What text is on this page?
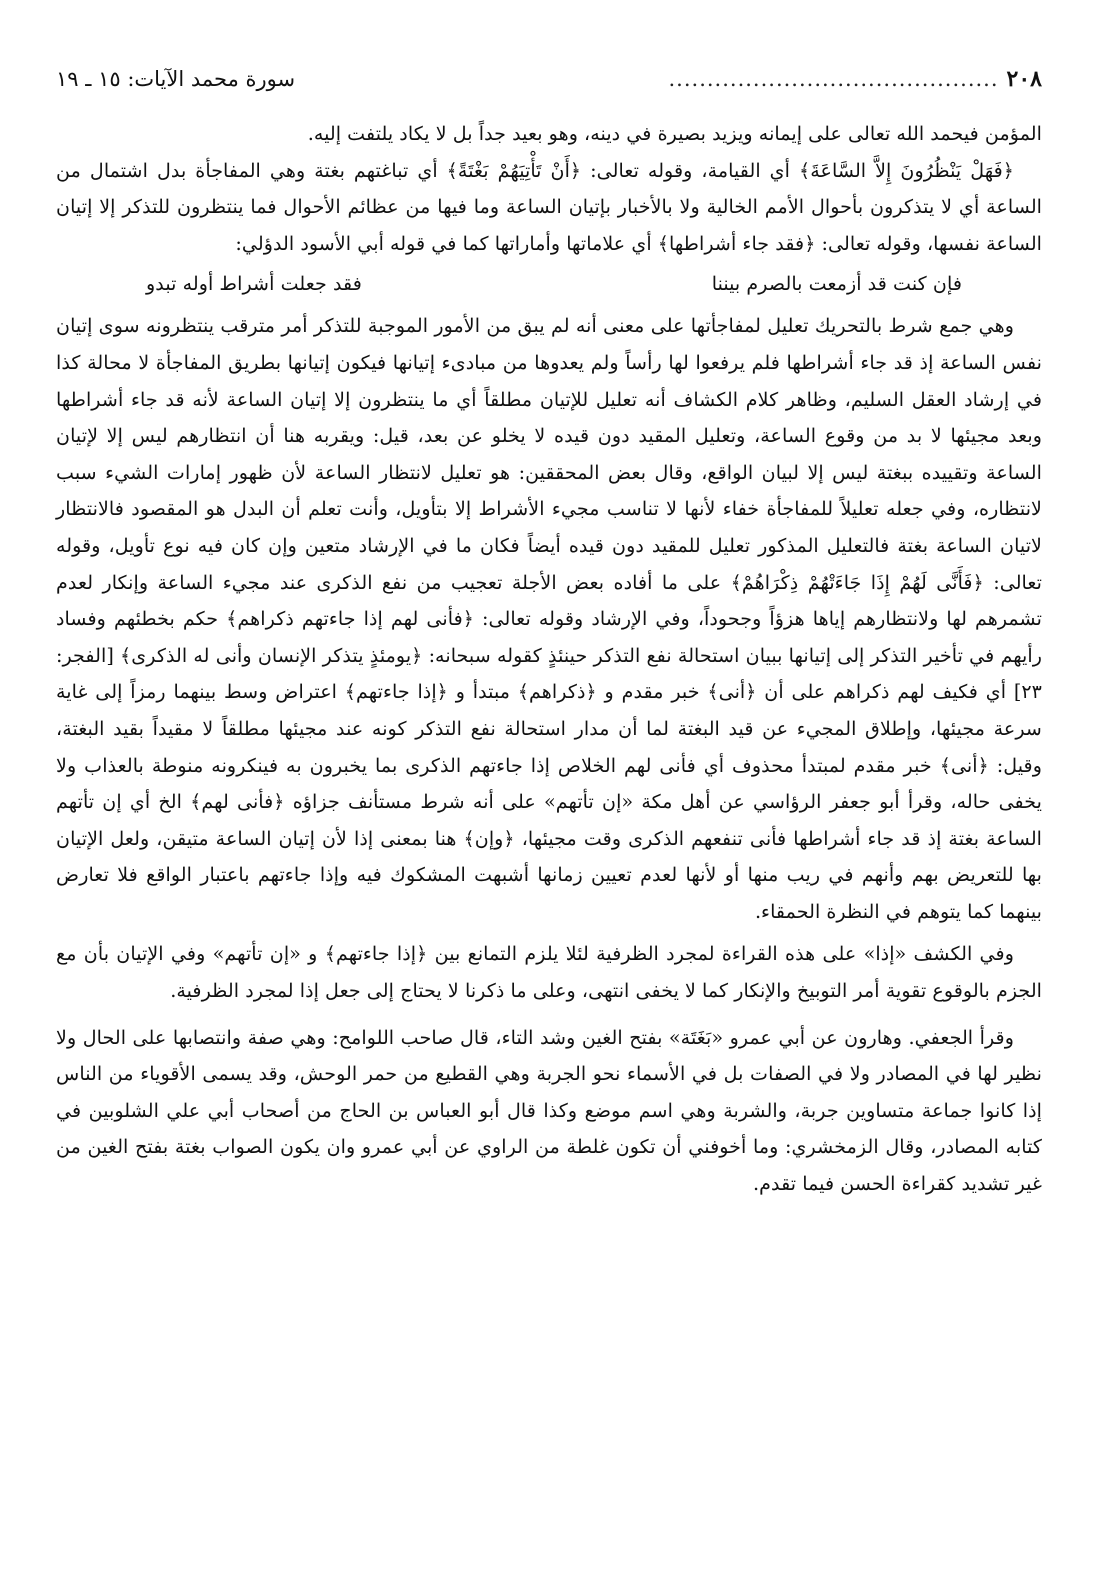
٢٠٨
...........................................
سورة محمد الآيات: ١٥ ـ ١٩

المؤمن فيحمد الله تعالى على إيمانه ويزيد بصيرة في دينه، وهو بعيد جداً بل لا يكاد يلتفت إليه.

﴿فَهَلْ يَنْظُرُونَ إِلاَّ السَّاعَةَ﴾ أي القيامة، وقوله تعالى: ﴿أَنْ تَأْتِيَهُمْ بَغْتَةً﴾ أي تباغتهم بغتة وهي المفاجأة بدل اشتمال من الساعة أي لا يتذكرون بأحوال الأمم الخالية ولا بالأخبار بإتيان الساعة وما فيها من عظائم الأحوال فما ينتظرون للتذكر إلا إتيان الساعة نفسها، وقوله تعالى: ﴿فقد جاء أشراطها﴾ أي علاماتها وأماراتها كما في قوله أبي الأسود الدؤلي:

فإن كنت قد أزمعت بالصرم بيننا
فقد جعلت أشراط أوله تبدو

وهي جمع شرط بالتحريك تعليل لمفاجأتها على معنى أنه لم يبق من الأمور الموجبة للتذكر أمر مترقب ينتظرونه سوى إتيان نفس الساعة إذ قد جاء أشراطها فلم يرفعوا لها رأساً ولم يعدوها من مبادىء إتيانها فيكون إتيانها بطريق المفاجأة لا محالة كذا في إرشاد العقل السليم، وظاهر كلام الكشاف أنه تعليل للإتيان مطلقاً أي ما ينتظرون إلا إتيان الساعة لأنه قد جاء أشراطها وبعد مجيئها لا بد من وقوع الساعة، وتعليل المقيد دون قيده لا يخلو عن بعد، قيل: ويقربه هنا أن انتظارهم ليس إلا لإتيان الساعة وتقييده ببغتة ليس إلا لبيان الواقع، وقال بعض المحققين: هو تعليل لانتظار الساعة لأن ظهور إمارات الشيء سبب لانتظاره، وفي جعله تعليلاً للمفاجأة خفاء لأنها لا تناسب مجيء الأشراط إلا بتأويل، وأنت تعلم أن البدل هو المقصود فالانتظار لاتيان الساعة بغتة فالتعليل المذكور تعليل للمقيد دون قيده أيضاً فكان ما في الإرشاد متعين وإن كان فيه نوع تأويل، وقوله تعالى: ﴿فَأَنَّى لَهُمْ إِذَا جَاءَتْهُمْ ذِكْرَاهُمْ﴾ على ما أفاده بعض الأجلة تعجيب من نفع الذكرى عند مجيء الساعة وإنكار لعدم تشمرهم لها ولانتظارهم إياها هزؤاً وجحوداً، وفي الإرشاد وقوله تعالى: ﴿فأنى لهم إذا جاءتهم ذكراهم﴾ حكم بخطئهم وفساد رأيهم في تأخير التذكر إلى إتيانها ببيان استحالة نفع التذكر حينئذٍ كقوله سبحانه: ﴿يومئذٍ يتذكر الإنسان وأنى له الذكرى﴾ [الفجر: ٢٣] أي فكيف لهم ذكراهم على أن ﴿أنى﴾ خبر مقدم و ﴿ذكراهم﴾ مبتدأ و ﴿إذا جاءتهم﴾ اعتراض وسط بينهما رمزاً إلى غاية سرعة مجيئها، وإطلاق المجيء عن قيد البغتة لما أن مدار استحالة نفع التذكر كونه عند مجيئها مطلقاً لا مقيداً بقيد البغتة، وقيل: ﴿أنى﴾ خبر مقدم لمبتدأ محذوف أي فأنى لهم الخلاص إذا جاءتهم الذكرى بما يخبرون به فينكرونه منوطة بالعذاب ولا يخفى حاله، وقرأ أبو جعفر الرؤاسي عن أهل مكة «إن تأتهم» على أنه شرط مستأنف جزاؤه ﴿فأنى لهم﴾ الخ أي إن تأتهم الساعة بغتة إذ قد جاء أشراطها فأنى تنفعهم الذكرى وقت مجيئها، ﴿وإن﴾ هنا بمعنى إذا لأن إتيان الساعة متيقن، ولعل الإتيان بها للتعريض بهم وأنهم في ريب منها أو لأنها لعدم تعيين زمانها أشبهت المشكوك فيه وإذا جاءتهم باعتبار الواقع فلا تعارض بينهما كما يتوهم في النظرة الحمقاء.

وفي الكشف «إذا» على هذه القراءة لمجرد الظرفية لئلا يلزم التمانع بين ﴿إذا جاءتهم﴾ و «إن تأتهم» وفي الإتيان بأن مع الجزم بالوقوع تقوية أمر التوبيخ والإنكار كما لا يخفى انتهى، وعلى ما ذكرنا لا يحتاج إلى جعل إذا لمجرد الظرفية.

وقرأ الجعفي. وهارون عن أبي عمرو «بَغَتَة» بفتح الغين وشد التاء، قال صاحب اللوامح: وهي صفة وانتصابها على الحال ولا نظير لها في المصادر ولا في الصفات بل في الأسماء نحو الجربة وهي القطيع من حمر الوحش، وقد يسمى الأقوياء من الناس إذا كانوا جماعة متساوين جربة، والشربة وهي اسم موضع وكذا قال أبو العباس بن الحاج من أصحاب أبي علي الشلوبين في كتابه المصادر، وقال الزمخشري: وما أخوفني أن تكون غلطة من الراوي عن أبي عمرو وان يكون الصواب بغتة بفتح الغين من غير تشديد كقراءة الحسن فيما تقدم.
